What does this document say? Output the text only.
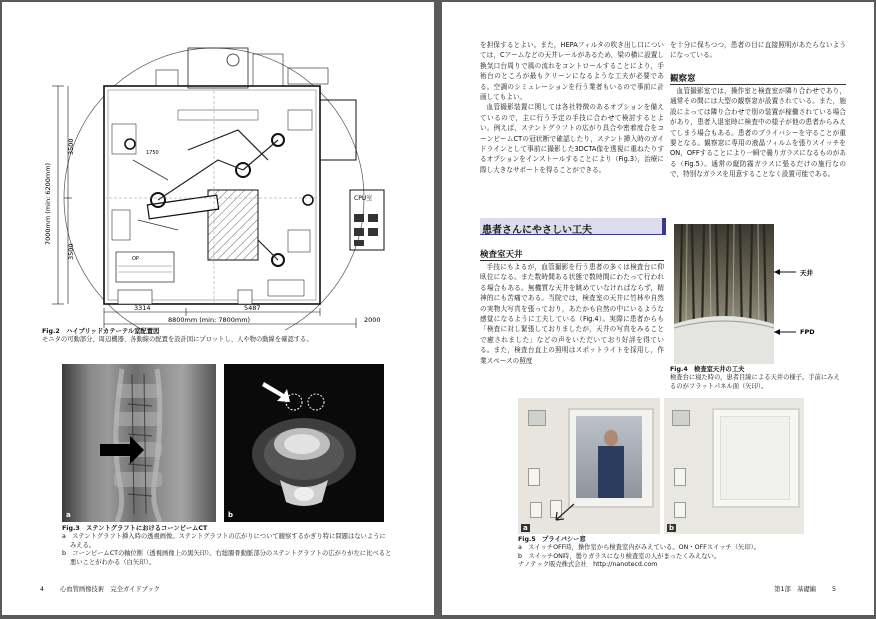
CPU室
OP
1750
7000mm (min: 6200mm)
3500
3500
3314	5487
8800mm (min: 7800mm)	2000
Fig.2　ハイブリッドカテーテル室配置図
モニタの可動部分、周辺機器、各動線の配置を設計図にプロットし、人や物の動線を確認する。
a	b
Fig.3　ステントグラフトにおけるコーンビームCT
a　ステントグラフト挿入時の透視画像。ステントグラフトの広がりについて観察するかぎり特に問題はないようにみえる。
b　コーンビームCTの軸位断（透視画像上の黒矢印）。右総腸骨動脈部分のステントグラフトの広がりが左に比べると悪いことがわかる（白矢印）。
4	心血管画像技術　完全ガイドブック

を担保するとよい。また，HEPAフィルタの吹き出し口については，Cアームなどの天井レールがあるため，梁の横に設置し換気口台周りで風の流れをコントロールすることにより，手術台のところが最もクリーンになるような工夫が必要である。空調のシミュレーションを行う業者もいるので事前に計画してもよい。

血管撮影装置に関しては各社特徴のあるオプションを備えているので，主に行う予定の手技に合わせて検討するとよい。例えば，ステントグラフトの広がり具合や密着度合をコーンビームCTの冠状断で確認したり，ステント挿入時のガイドラインとして事前に撮影した3DCTA像を透視に重ねたりするオプションをインストールすることにより（Fig.3），治療に際し大きなサポートを得ることができる。

患者さんにやさしい工夫
検査室天井

手技にもよるが，血管撮影を行う患者の多くは検査台に仰臥位になる。また数時間ある状態で数時間にわたって行われる場合もある。無機質な天井を眺めていなければならず，精神的にも苦痛である。当院では，検査室の天井に竹林や自然の実物大写真を張っており，あたかも自然の中にいるような感覚になるように工夫している（Fig.4）。実際に患者からも「検査に対し緊張しておりましたが，天井の写真をみることで癒されました」などの声をいただいており好評を得ている。また，検査台直上の照明はスポットライトを採用し，作業スペースの照度

を十分に保ちつつ，患者の目に直接照明があたらないようになっている。

観察窓

血管撮影室では，操作室と検査室が隣り合わせであり，通常その間には大型の観察窓が設置されている。また，施設によっては隣り合わせで別の装置が稼働されている場合があり，患者入退室時に検査中の様子が他の患者からみえてしまう場合もある。患者のプライバシーを守ることが重要となる。観察窓に専用の液晶フィルムを張りスイッチをON，OFFすることにより一瞬で曇りガラスになるものがある（Fig.5）。通常の縦防霧ガラスに張るだけの施行なので，特別なガラスを用意することなく設置可能である。

天井
FPD
Fig.4　検査室天井の工夫
検査台に寝た時の，患者目線による天井の様子。手前にみえるのがフラットパネル面（矢印）。
a	b
Fig.5　プライバシー窓
a　スイッチOFF時，操作室から検査室内がみえている。ON・OFFスイッチ（矢印）。
b　スイッチON時，曇りガラスになり検査室の人がまったくみえない。
ナノテック販売株式会社　http://nanotecd.com
第1部　基礎編	5
